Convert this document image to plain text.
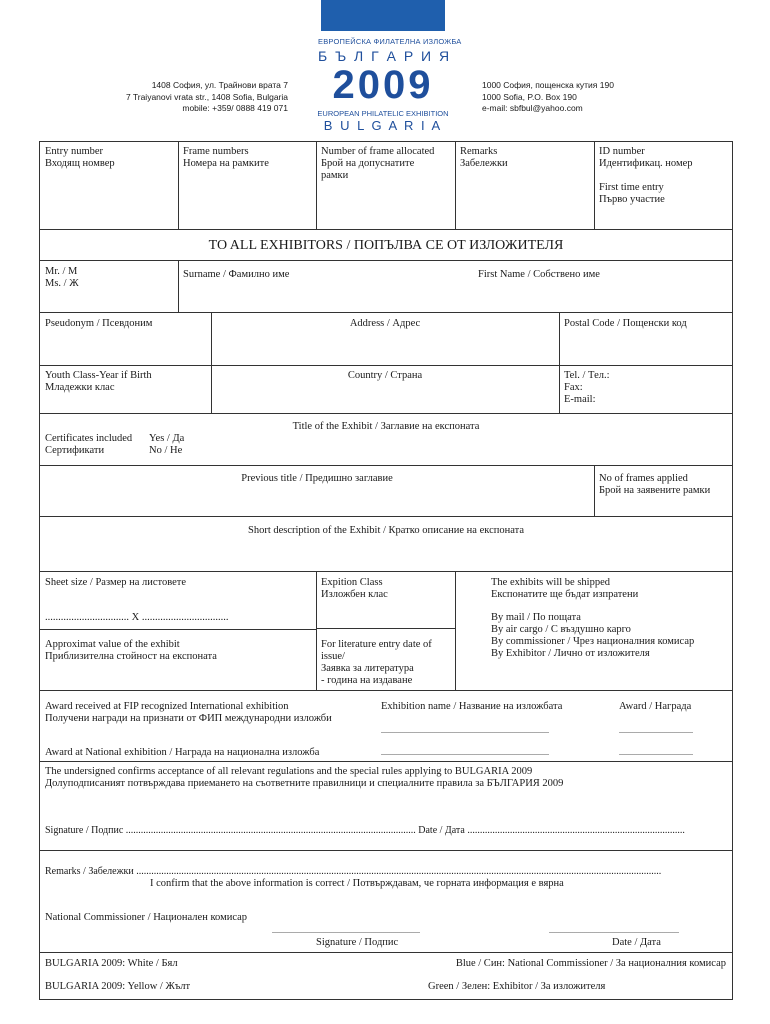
ЕВРОПЕЙСКА ФИЛАТЕЛНА ИЗЛОЖБА
Б Ъ Л Г А Р И Я
2009
EUROPEAN PHILATELIC EXHIBITION
B U L G A R I A
1408 София, ул. Трайнови врата 7
7 Traiyanovi vrata str., 1408 Sofia, Bulgaria
mobile: +359/ 0888 419 071
1000 София, пощенска кутия 190
1000 Sofia, P.O. Box 190
e-mail: sbfbul@yahoo.com
Entry number
Входящ номвер
Frame numbers
Номера на рамките
Number of frame allocated
Брой на допуснатите
рамки
Remarks
Забележки
ID number
Идентификац. номер
First time entry
Първо участие
TO ALL EXHIBITORS / ПОПЪЛВА СЕ ОТ ИЗЛОЖИТЕЛЯ
Mr. / М
Ms. / Ж
Surname / Фамилно име	First Name / Собствено име
Pseudonym / Псевдоним	Address / Адрес	Postal Code / Пощенски код
Youth Class-Year if Birth
Младежки клас
Country / Страна	Tel. / Тел.:
Fax:
E-mail:
Title of the Exhibit / Заглавие на експоната
Certificates included
Сертификати
Yes / Да
No / Не
Previous title / Предишно заглавие	No of frames applied
Брой на заявените рамки
Short description of the Exhibit / Кратко описание на експоната
Sheet size / Размер на листовете
................................ X .................................
Expition Class
Изложбен клас
The exhibits will be shipped
Експонатите ще бъдат изпратени
By mail / По пощата
By air cargo / С въздушно карго
By commissioner / Чрез националния комисар
By Exhibitor / Лично от изложителя
Approximat value of the exhibit
Приблизителна стойност на експоната
For literature entry date of
issue/
Заявка за литература
- година на издаване
Award received at FIP recognized International exhibition
Получени награди на признати от ФИП международни изложби
Exhibition name / Название на изложбата	Award / Награда
....................................................................................	.....................................
Award at National exhibition / Награда на национална изложба	....................................................................................	.....................................
The undersigned confirms acceptance of all relevant regulations and the special rules applying to BULGARIA 2009
Долуподписаният потвърждава приемането на съответните правилници и специалните правила за БЪЛГАРИЯ 2009
Signature / Подпис .................................................................................................................... Date / Дата .......................................................................................
Remarks / Забележки ..................................................................................................................................................................................................................
I confirm that the above information is correct / Потвърждавам, че горната информация е вярна
National Commissioner / Национален комисар
..........................................................................	.................................................................
Signature / Подпис	Date / Дата
BULGARIA 2009: White / Бял	Blue / Син: National Commissioner / За националния комисар
BULGARIA 2009: Yellow / Жълт	Green / Зелен: Exhibitor / За изложителя
